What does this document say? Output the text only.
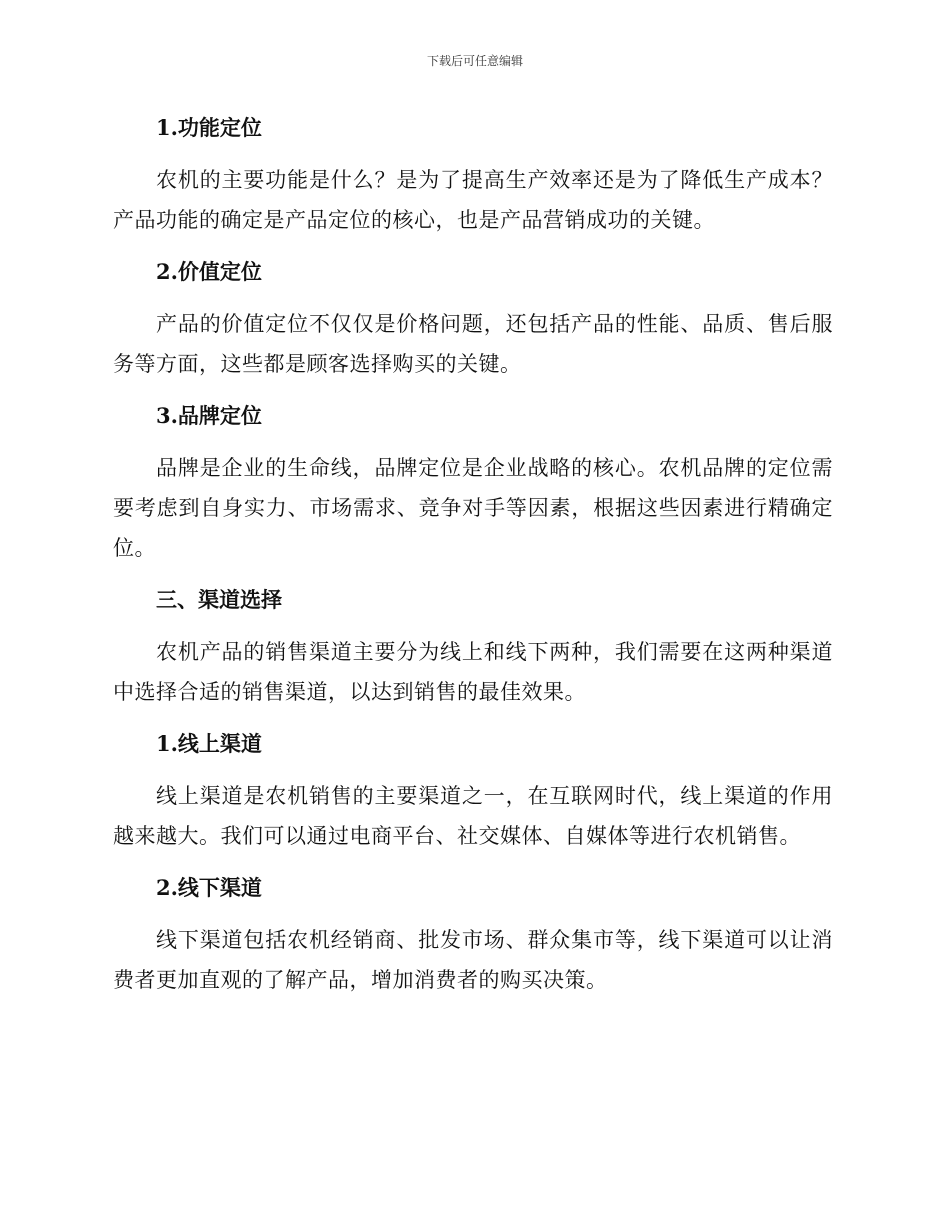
下载后可任意编辑
1.功能定位
农机的主要功能是什么？是为了提高生产效率还是为了降低生产成本？产品功能的确定是产品定位的核心，也是产品营销成功的关键。
2.价值定位
产品的价值定位不仅仅是价格问题，还包括产品的性能、品质、售后服务等方面，这些都是顾客选择购买的关键。
3.品牌定位
品牌是企业的生命线，品牌定位是企业战略的核心。农机品牌的定位需要考虑到自身实力、市场需求、竞争对手等因素，根据这些因素进行精确定位。
三、渠道选择
农机产品的销售渠道主要分为线上和线下两种，我们需要在这两种渠道中选择合适的销售渠道，以达到销售的最佳效果。
1.线上渠道
线上渠道是农机销售的主要渠道之一，在互联网时代，线上渠道的作用越来越大。我们可以通过电商平台、社交媒体、自媒体等进行农机销售。
2.线下渠道
线下渠道包括农机经销商、批发市场、群众集市等，线下渠道可以让消费者更加直观的了解产品，增加消费者的购买决策。
